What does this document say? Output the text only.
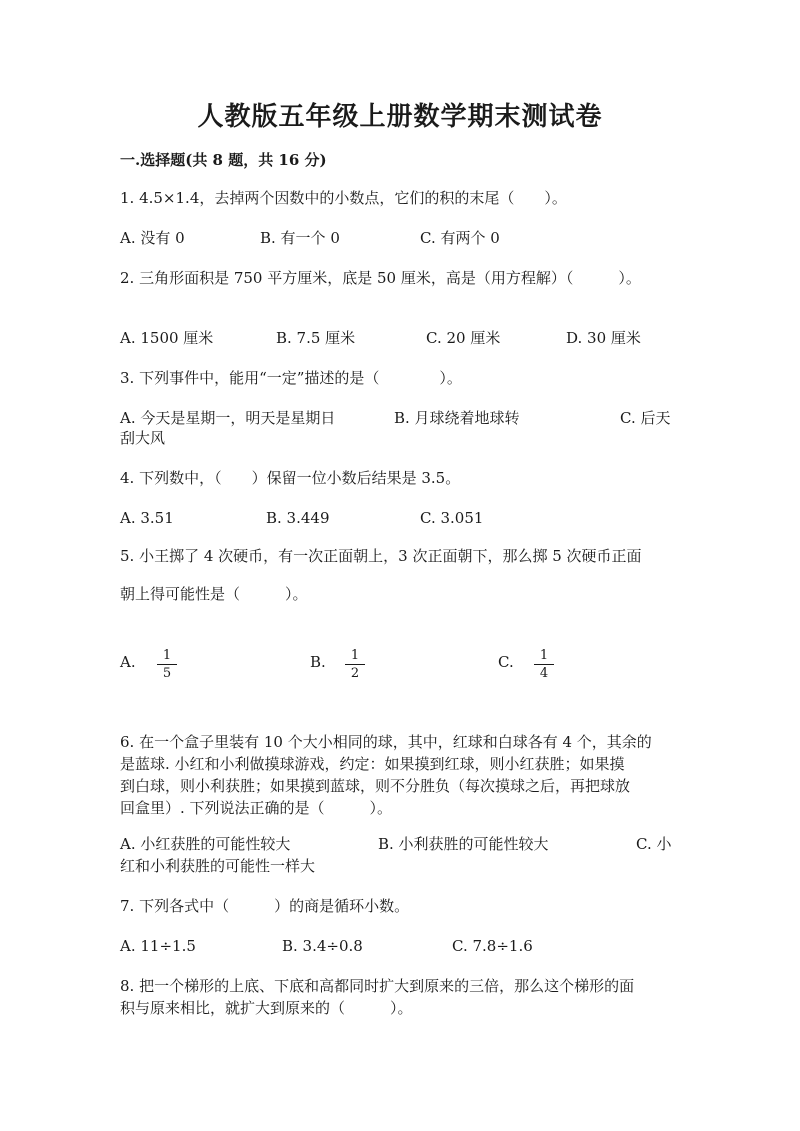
人教版五年级上册数学期末测试卷
一.选择题(共 8 题，共 16 分)
1. 4.5×1.4，去掉两个因数中的小数点，它们的积的末尾（　　）。
A. 没有 0	B. 有一个 0	C. 有两个 0
2. 三角形面积是 750 平方厘米，底是 50 厘米，高是（用方程解）（　　　）。
A. 1500 厘米	B. 7.5 厘米	C. 20 厘米	D. 30 厘米
3. 下列事件中，能用“一定”描述的是（　　　　）。
A. 今天是星期一，明天是星期日	B. 月球绕着地球转	C. 后天
刮大风
4. 下列数中，（　　）保留一位小数后结果是 3.5。
A. 3.51	B. 3.449	C. 3.051
5. 小王掷了 4 次硬币，有一次正面朝上，3 次正面朝下，那么掷 5 次硬币正面
朝上得可能性是（　　　）。
A. $\frac{1}{5}$	B. $\frac{1}{2}$	C. $\frac{1}{4}$
6. 在一个盒子里装有 10 个大小相同的球，其中，红球和白球各有 4 个，其余的
是蓝球. 小红和小利做摸球游戏，约定：如果摸到红球，则小红获胜；如果摸
到白球，则小利获胜；如果摸到蓝球，则不分胜负（每次摸球之后，再把球放
回盒里）. 下列说法正确的是（　　　）。
A. 小红获胜的可能性较大	B. 小利获胜的可能性较大	C. 小
红和小利获胜的可能性一样大
7. 下列各式中（　　　）的商是循环小数。
A. 11÷1.5	B. 3.4÷0.8	C. 7.8÷1.6
8. 把一个梯形的上底、下底和高都同时扩大到原来的三倍，那么这个梯形的面
积与原来相比，就扩大到原来的（　　　）。
